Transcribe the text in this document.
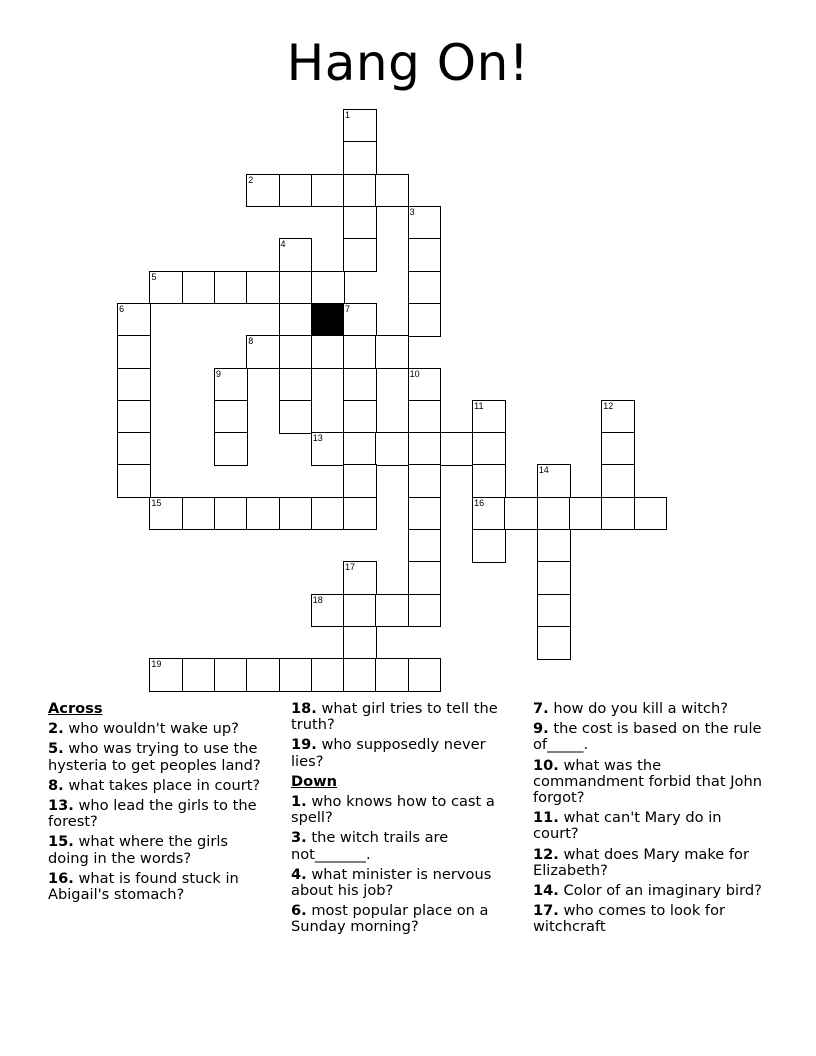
Hang On!
1
2
3
4
5
6	7
8
9	10
11	12
13
14
15	16
17
18
19
Across
2. who wouldn't wake up?
5. who was trying to use the hysteria to get peoples land?
8. what takes place in court?
13. who lead the girls to the forest?
15. what where the girls doing in the words?
16. what is found stuck in Abigail's stomach?
18. what girl tries to tell the truth?
19. who supposedly never lies?
Down
1. who knows how to cast a spell?
3. the witch trails are not_______.
4. what minister is nervous about his job?
6. most popular place on a Sunday morning?
7. how do you kill a witch?
9. the cost is based on the rule of_____.
10. what was the commandment forbid that John forgot?
11. what can't Mary do in court?
12. what does Mary make for Elizabeth?
14. Color of an imaginary bird?
17. who comes to look for witchcraft
